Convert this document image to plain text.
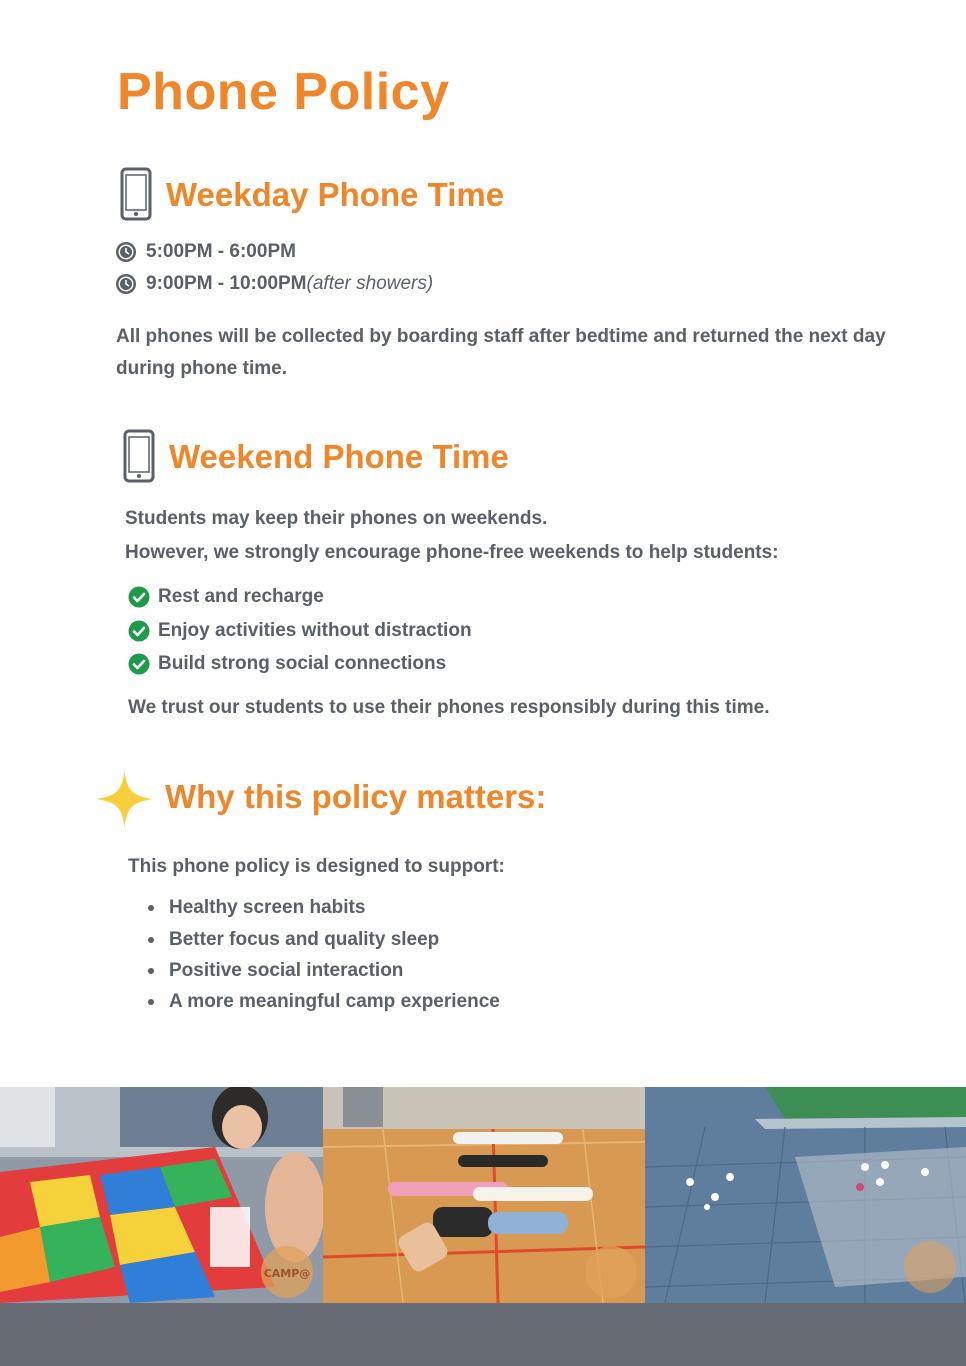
Phone Policy
Weekday Phone Time
5:00PM - 6:00PM
9:00PM - 10:00PM (after showers)

All phones will be collected by boarding staff after bedtime and returned the next day during phone time.

Weekend Phone Time

Students may keep their phones on weekends.

However, we strongly encourage phone-free weekends to help students:

Rest and recharge
Enjoy activities without distraction
Build strong social connections

We trust our students to use their phones responsibly during this time.

Why this policy matters:

This phone policy is designed to support:

Healthy screen habits
Better focus and quality sleep
Positive social interaction
A more meaningful camp experience
CAMP@
